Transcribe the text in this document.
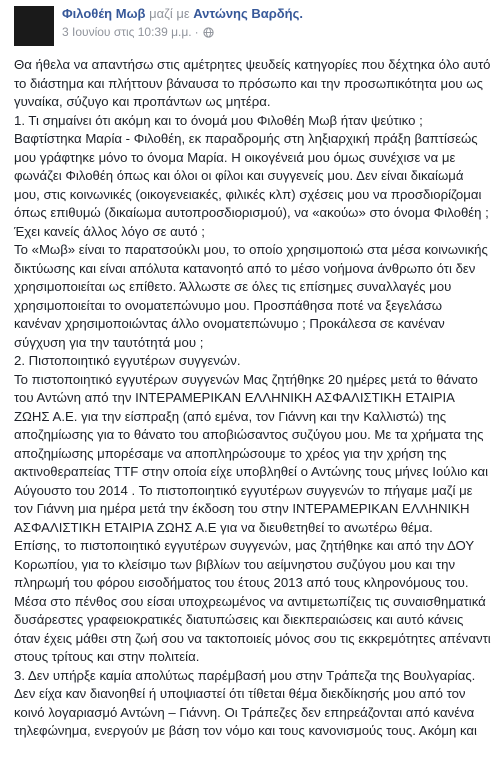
Φιλοθέη Μωβ μαζί με Αντώνης Βαρδής.
3 Ιουνίου στις 10:39 μ.μ. ·

Θα ήθελα να απαντήσω στις αμέτρητες ψευδείς κατηγορίες που δέχτηκα όλο αυτό το διάστημα και πλήττουν βάναυσα το πρόσωπο και την προσωπικότητα μου ως γυναίκα, σύζυγο και προπάντων ως μητέρα.

1. Τι σημαίνει ότι ακόμη και το όνομά μου Φιλοθέη Μωβ ήταν ψεύτικο ; Βαφτίστηκα Μαρία - Φιλοθέη, εκ παραδρομής στη ληξιαρχική πράξη βαπτίσεώς μου γράφτηκε μόνο το όνομα Μαρία. Η οικογένειά μου όμως συνέχισε να με φωνάζει Φιλοθέη όπως και όλοι οι φίλοι και συγγενείς μου. Δεν είναι δικαίωμά μου, στις κοινωνικές (οικογενειακές, φιλικές κλπ) σχέσεις μου να προσδιορίζομαι όπως επιθυμώ (δικαίωμα αυτοπροσδιορισμού), να «ακούω» στο όνομα Φιλοθέη ; Έχει κανείς άλλος λόγο σε αυτό ;

Το «Μωβ» είναι το παρατσούκλι μου, το οποίο χρησιμοποιώ στα μέσα κοινωνικής δικτύωσης και είναι απόλυτα κατανοητό από το μέσο νοήμονα άνθρωπο ότι δεν χρησιμοποιείται ως επίθετο. Άλλωστε σε όλες τις επίσημες συναλλαγές μου χρησιμοποιείται το ονοματεπώνυμο μου. Προσπάθησα ποτέ να ξεγελάσω κανέναν χρησιμοποιώντας άλλο ονοματεπώνυμο ; Προκάλεσα σε κανέναν σύγχυση για την ταυτότητά μου ;

2. Πιστοποιητικό εγγυτέρων συγγενών.

Το πιστοποιητικό εγγυτέρων συγγενών Μας ζητήθηκε 20 ημέρες μετά το θάνατο του Αντώνη από την ΙΝΤΕΡΑΜΕΡΙΚΑΝ ΕΛΛΗΝΙΚΗ ΑΣΦΑΛΙΣΤΙΚΗ ΕΤΑΙΡΙΑ ΖΩΗΣ Α.Ε. για την είσπραξη (από εμένα, τον Γιάννη και την Καλλιστώ) της αποζημίωσης για το θάνατο του αποβιώσαντος συζύγου μου. Με τα χρήματα της αποζημίωσης μπορέσαμε να αποπληρώσουμε το χρέος για την χρήση της ακτινοθεραπείας TTF στην οποία είχε υποβληθεί ο Αντώνης τους μήνες Ιούλιο και Αύγουστο του 2014 . Το πιστοποιητικό εγγυτέρων συγγενών το πήγαμε μαζί με τον Γιάννη μια ημέρα μετά την έκδοση του στην ΙΝΤΕΡΑΜΕΡΙΚΑΝ ΕΛΛΗΝΙΚΗ ΑΣΦΑΛΙΣΤΙΚΗ ΕΤΑΙΡΙΑ ΖΩΗΣ Α.Ε για να διευθετηθεί το ανωτέρω θέμα.

Επίσης, το πιστοποιητικό εγγυτέρων συγγενών, μας ζητήθηκε και από την ΔΟΥ Κορωπίου, για το κλείσιμο των βιβλίων του αείμνηστου συζύγου μου και την πληρωμή του φόρου εισοδήματος του έτους 2013 από τους κληρονόμους του.

Μέσα στο πένθος σου είσαι υποχρεωμένος να αντιμετωπίζεις τις συναισθηματικά δυσάρεστες γραφειοκρατικές διατυπώσεις και διεκπεραιώσεις και αυτό κάνεις όταν έχεις μάθει στη ζωή σου να τακτοποιείς μόνος σου τις εκκρεμότητες απέναντι στους τρίτους και στην πολιτεία.

3. Δεν υπήρξε καμία απολύτως παρέμβασή μου στην Τράπεζα της Βουλγαρίας.

Δεν είχα καν διανοηθεί ή υποψιαστεί ότι τίθεται θέμα διεκδίκησής μου από τον κοινό λογαριασμό Αντώνη – Γιάννη. Οι Τράπεζες δεν επηρεάζονται από κανένα τηλεφώνημα, ενεργούν με βάση τον νόμο και τους κανονισμούς τους. Ακόμη και
